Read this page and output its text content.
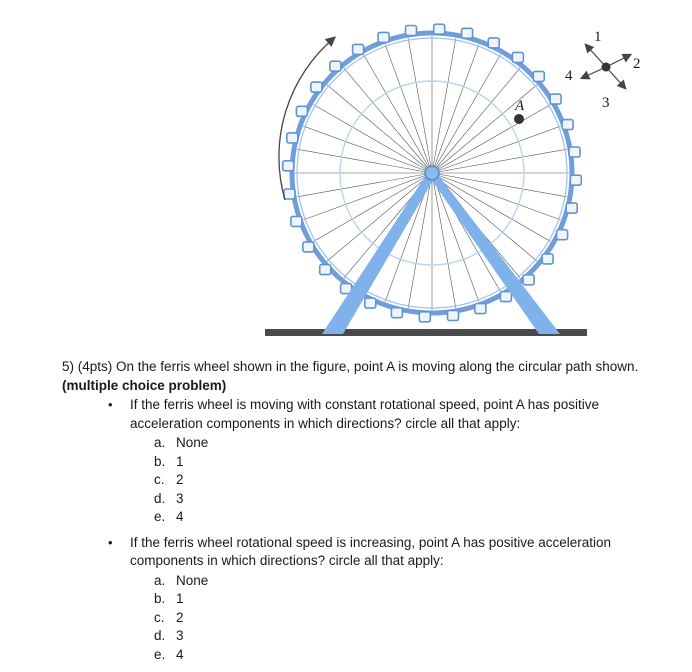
A
1
2
3
4
5) (4pts) On the ferris wheel shown in the figure, point A is moving along the circular path shown. (multiple choice problem)
• If the ferris wheel is moving with constant rotational speed, point A has positive acceleration components in which directions? circle all that apply:
a. None
b. 1
c. 2
d. 3
e. 4
• If the ferris wheel rotational speed is increasing, point A has positive acceleration components in which directions? circle all that apply:
a. None
b. 1
c. 2
d. 3
e. 4
